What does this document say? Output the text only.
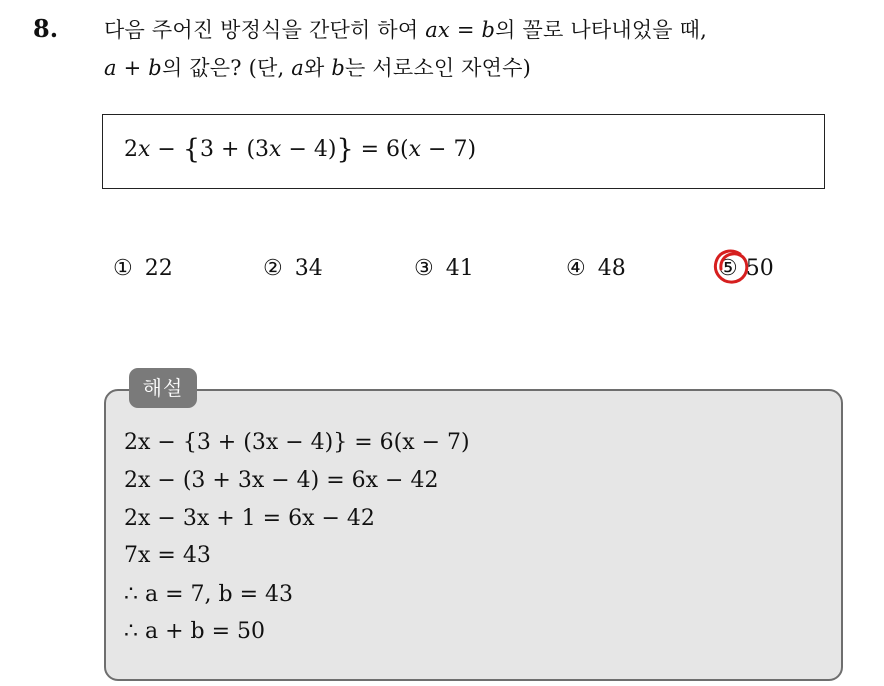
8. 다음 주어진 방정식을 간단히 하여 ax = b의 꼴로 나타내었을 때,
a + b의 값은? (단, a와 b는 서로소인 자연수)
2x − {3 + (3x − 4)} = 6(x − 7)
① 22	② 34	③ 41	④ 48	⑤ 50
해설
2x − {3 + (3x − 4)} = 6(x − 7)
2x − (3 + 3x − 4) = 6x − 42
2x − 3x + 1 = 6x − 42
7x = 43
∴ a = 7, b = 43
∴ a + b = 50
